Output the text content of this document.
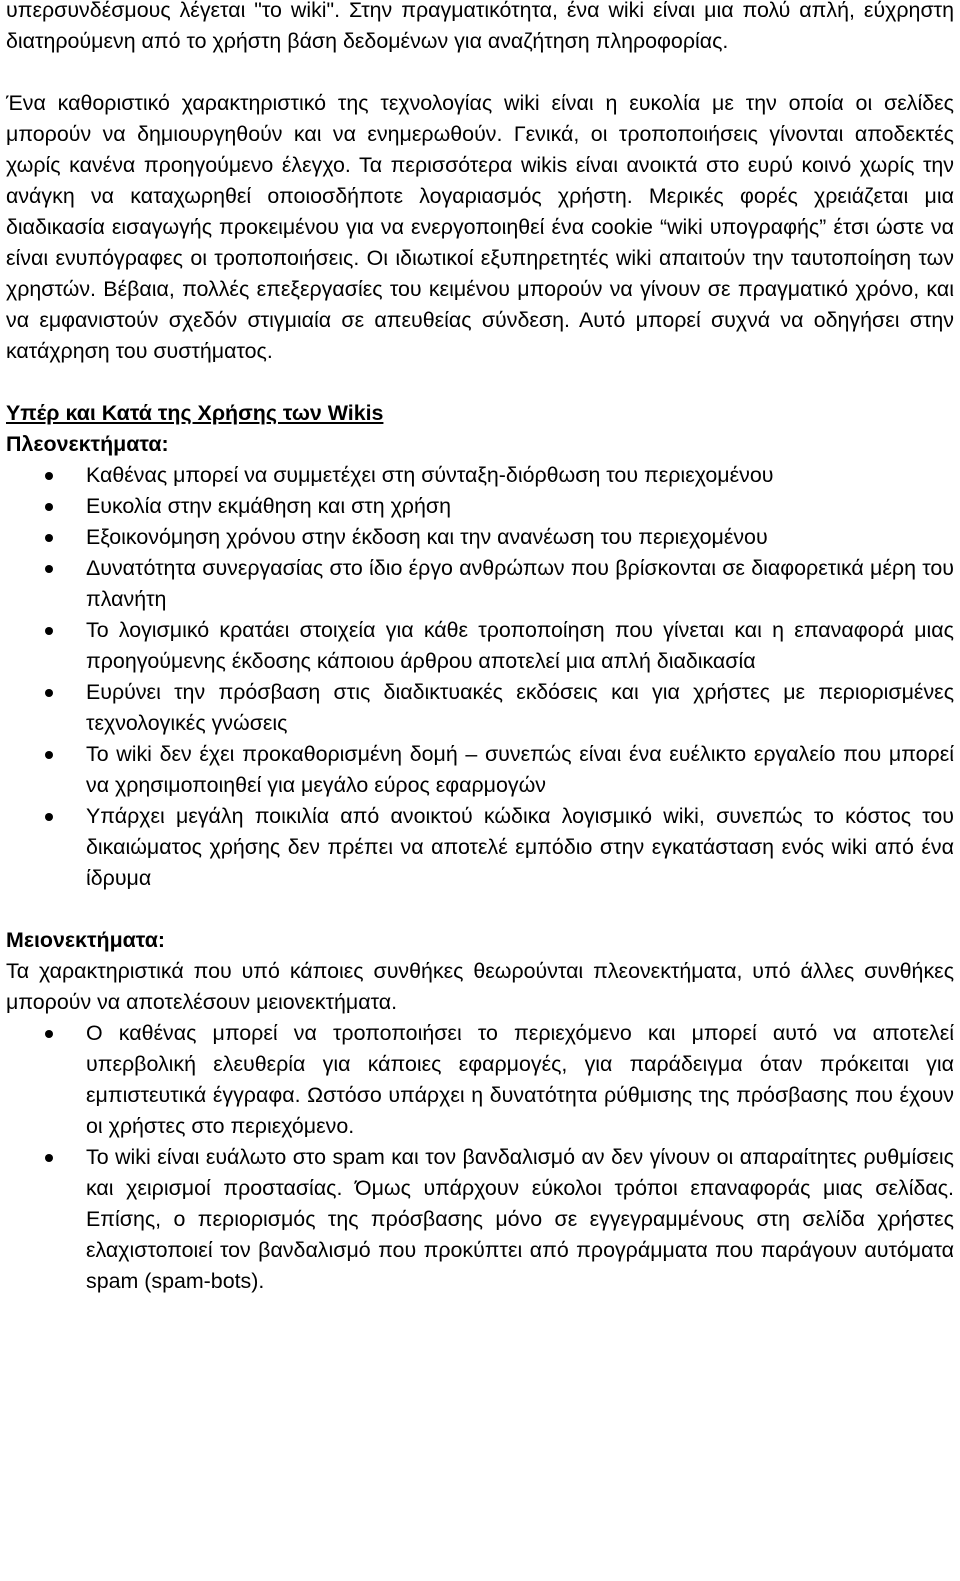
υπερσυνδέσμους λέγεται "το wiki". Στην πραγματικότητα, ένα wiki είναι μια πολύ απλή, εύχρηστη διατηρούμενη από το χρήστη βάση δεδομένων για αναζήτηση πληροφορίας.

Ένα καθοριστικό χαρακτηριστικό της τεχνολογίας wiki είναι η ευκολία με την οποία οι σελίδες μπορούν να δημιουργηθούν και να ενημερωθούν. Γενικά, οι τροποποιήσεις γίνονται αποδεκτές χωρίς κανένα προηγούμενο έλεγχο. Τα περισσότερα wikis είναι ανοικτά στο ευρύ κοινό χωρίς την ανάγκη να καταχωρηθεί οποιοσδήποτε λογαριασμός χρήστη. Μερικές φορές χρειάζεται μια διαδικασία εισαγωγής προκειμένου για να ενεργοποιηθεί ένα cookie “wiki υπογραφής” έτσι ώστε να είναι ενυπόγραφες οι τροποποιήσεις. Οι ιδιωτικοί εξυπηρετητές wiki απαιτούν την ταυτοποίηση των χρηστών. Βέβαια, πολλές επεξεργασίες του κειμένου μπορούν να γίνουν σε πραγματικό χρόνο, και να εμφανιστούν σχεδόν στιγμιαία σε απευθείας σύνδεση. Αυτό μπορεί συχνά να οδηγήσει στην κατάχρηση του συστήματος.

Υπέρ και Κατά της Χρήσης των Wikis
Πλεονεκτήματα:
Καθένας μπορεί να συμμετέχει στη σύνταξη-διόρθωση του περιεχομένου
Ευκολία στην εκμάθηση και στη χρήση
Εξοικονόμηση χρόνου στην έκδοση και την ανανέωση του περιεχομένου
Δυνατότητα συνεργασίας στο ίδιο έργο ανθρώπων που βρίσκονται σε διαφορετικά μέρη του πλανήτη
Το λογισμικό κρατάει στοιχεία για κάθε τροποποίηση που γίνεται και η επαναφορά μιας προηγούμενης έκδοσης κάποιου άρθρου αποτελεί μια απλή διαδικασία
Ευρύνει την πρόσβαση στις διαδικτυακές εκδόσεις και για χρήστες με περιορισμένες τεχνολογικές γνώσεις
Το wiki δεν έχει προκαθορισμένη δομή – συνεπώς είναι ένα ευέλικτο εργαλείο που μπορεί να χρησιμοποιηθεί για μεγάλο εύρος εφαρμογών
Υπάρχει μεγάλη ποικιλία από ανοικτού κώδικα λογισμικό wiki, συνεπώς το κόστος του δικαιώματος χρήσης δεν πρέπει να αποτελέ εμπόδιο στην εγκατάσταση ενός wiki από ένα ίδρυμα
Μειονεκτήματα:

Τα χαρακτηριστικά που υπό κάποιες συνθήκες θεωρούνται πλεονεκτήματα, υπό άλλες συνθήκες μπορούν να αποτελέσουν μειονεκτήματα.

Ο καθένας μπορεί να τροποποιήσει το περιεχόμενο και μπορεί αυτό να αποτελεί υπερβολική ελευθερία για κάποιες εφαρμογές, για παράδειγμα όταν πρόκειται για εμπιστευτικά έγγραφα. Ωστόσο υπάρχει η δυνατότητα ρύθμισης της πρόσβασης που έχουν οι χρήστες στο περιεχόμενο.
Το wiki είναι ευάλωτο στο spam και τον βανδαλισμό αν δεν γίνουν οι απαραίτητες ρυθμίσεις και χειρισμοί προστασίας. Όμως υπάρχουν εύκολοι τρόποι επαναφοράς μιας σελίδας. Επίσης, ο περιορισμός της πρόσβασης μόνο σε εγγεγραμμένους στη σελίδα χρήστες ελαχιστοποιεί τον βανδαλισμό που προκύπτει από προγράμματα που παράγουν αυτόματα spam (spam-bots).
